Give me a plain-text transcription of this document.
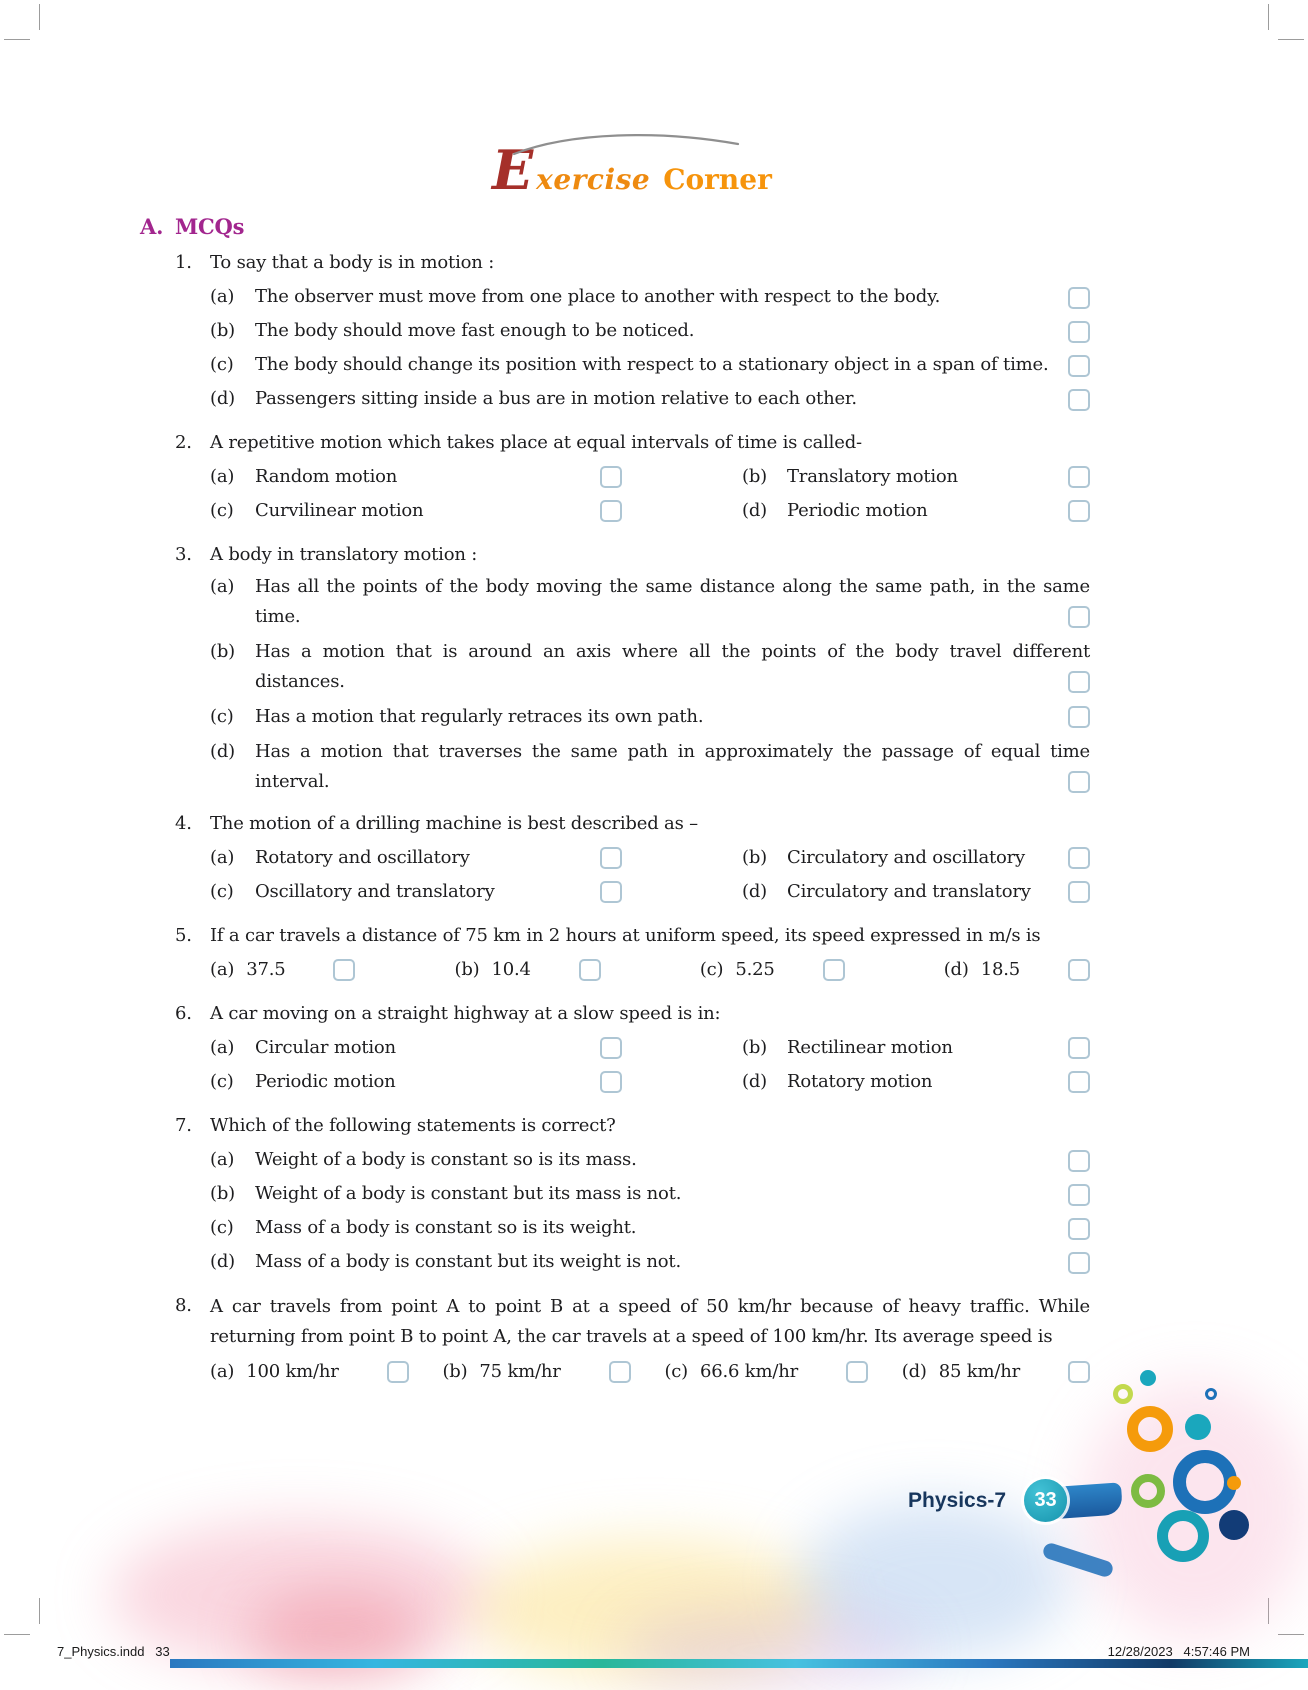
E xercise Corner
A. MCQs
1.	To say that a body is in motion :
(a)	The observer must move from one place to another with respect to the body.
(b)	The body should move fast enough to be noticed.
(c)	The body should change its position with respect to a stationary object in a span of time.
(d)	Passengers sitting inside a bus are in motion relative to each other.
2.	A repetitive motion which takes place at equal intervals of time is called-
(a)	Random motion	(b)	Translatory motion
(c)	Curvilinear motion	(d)	Periodic motion
3.	A body in translatory motion :
(a)	Has all the points of the body moving the same distance along the same path, in the same time.
(b)	Has a motion that is around an axis where all the points of the body travel different distances.
(c)	Has a motion that regularly retraces its own path.
(d)	Has a motion that traverses the same path in approximately the passage of equal time interval.
4.	The motion of a drilling machine is best described as –
(a)	Rotatory and oscillatory	(b)	Circulatory and oscillatory
(c)	Oscillatory and translatory	(d)	Circulatory and translatory
5.	If a car travels a distance of 75 km in 2 hours at uniform speed, its speed expressed in m/s is
(a) 37.5	(b) 10.4	(c) 5.25	(d) 18.5
6.	A car moving on a straight highway at a slow speed is in:
(a)	Circular motion	(b)	Rectilinear motion
(c)	Periodic motion	(d)	Rotatory motion
7.	Which of the following statements is correct?
(a)	Weight of a body is constant so is its mass.
(b)	Weight of a body is constant but its mass is not.
(c)	Mass of a body is constant so is its weight.
(d)	Mass of a body is constant but its weight is not.
8.	A car travels from point A to point B at a speed of 50 km/hr because of heavy traffic. While returning from point B to point A, the car travels at a speed of 100 km/hr. Its average speed is
(a) 100 km/hr	(b) 75 km/hr	(c) 66.6 km/hr	(d) 85 km/hr
Physics-7 33
7_Physics.indd   33	12/28/2023   4:57:46 PM
